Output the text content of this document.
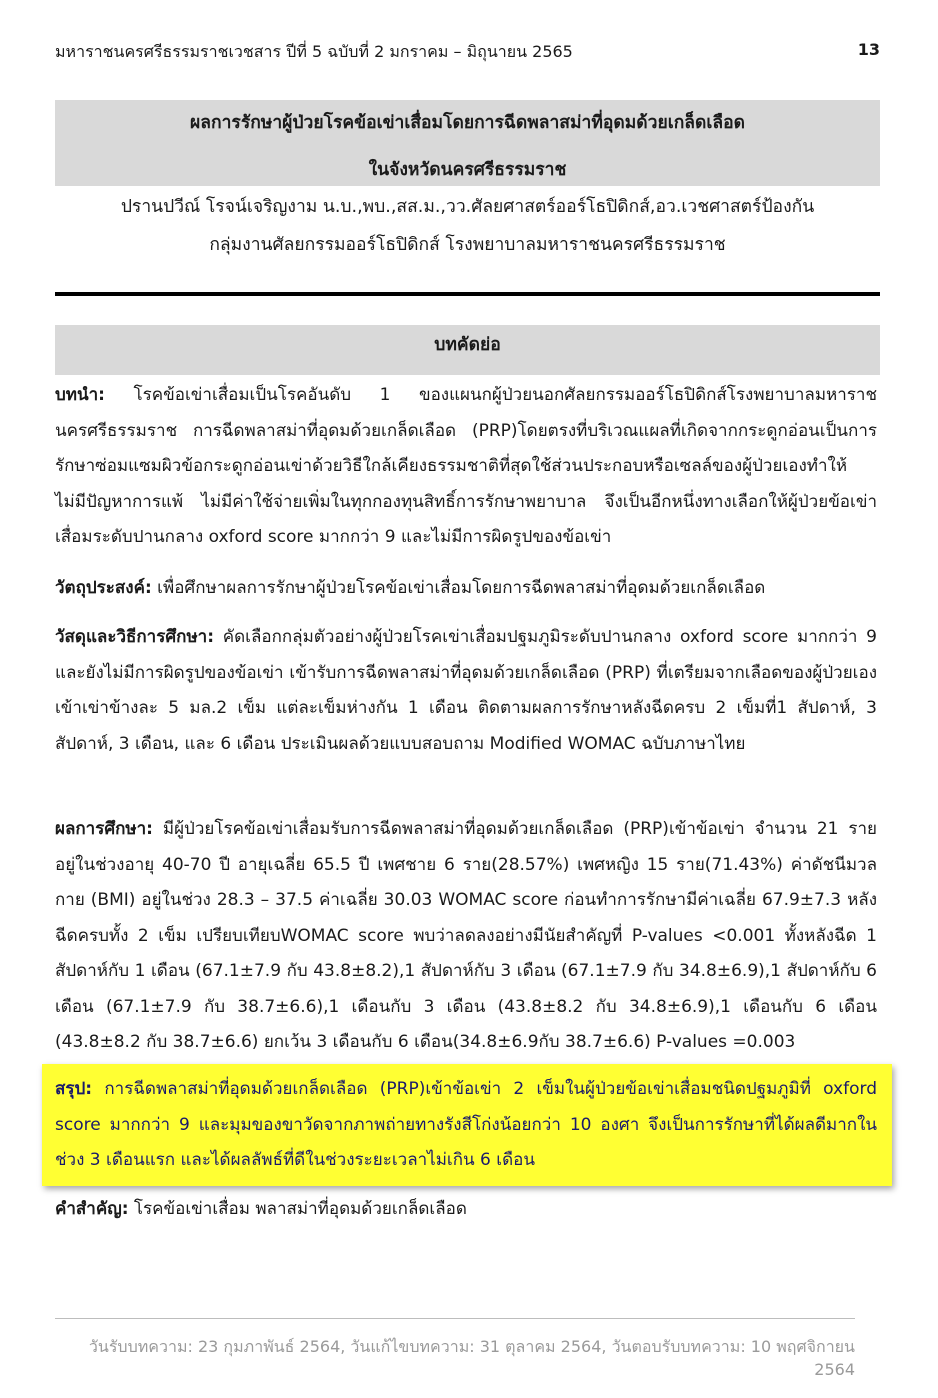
มหาราชนครศรีธรรมราชเวชสาร ปีที่ 5 ฉบับที่ 2 มกราคม – มิถุนายน 2565	13
ผลการรักษาผู้ป่วยโรคข้อเข่าเสื่อมโดยการฉีดพลาสม่าที่อุดมด้วยเกล็ดเลือด
ในจังหวัดนครศรีธรรมราช
ปรานปวีณ์ โรจน์เจริญงาม น.บ.,พบ.,สส.ม.,วว.ศัลยศาสตร์ออร์โธปิดิกส์,อว.เวชศาสตร์ป้องกัน
กลุ่มงานศัลยกรรมออร์โธปิดิกส์ โรงพยาบาลมหาราชนครศรีธรรมราช
บทคัดย่อ
บทนำ: โรคข้อเข่าเสื่อมเป็นโรคอันดับ 1 ของแผนกผู้ป่วยนอกศัลยกรรมออร์โธปิดิกส์โรงพยาบาลมหาราชนครศรีธรรมราช การฉีดพลาสม่าที่อุดมด้วยเกล็ดเลือด (PRP)โดยตรงที่บริเวณแผลที่เกิดจากกระดูกอ่อนเป็นการรักษาซ่อมแซมผิวข้อกระดูกอ่อนเข่าด้วยวิธีใกล้เคียงธรรมชาติที่สุดใช้ส่วนประกอบหรือเซลล์ของผู้ป่วยเองทำให้ไม่มีปัญหาการแพ้ ไม่มีค่าใช้จ่ายเพิ่มในทุกกองทุนสิทธิ์การรักษาพยาบาล จึงเป็นอีกหนึ่งทางเลือกให้ผู้ป่วยข้อเข่าเสื่อมระดับปานกลาง oxford score มากกว่า 9 และไม่มีการผิดรูปของข้อเข่า
วัตถุประสงค์: เพื่อศึกษาผลการรักษาผู้ป่วยโรคข้อเข่าเสื่อมโดยการฉีดพลาสม่าที่อุดมด้วยเกล็ดเลือด
วัสดุและวิธีการศึกษา: คัดเลือกกลุ่มตัวอย่างผู้ป่วยโรคเข่าเสื่อมปฐมภูมิระดับปานกลาง oxford score มากกว่า 9 และยังไม่มีการผิดรูปของข้อเข่า เข้ารับการฉีดพลาสม่าที่อุดมด้วยเกล็ดเลือด (PRP) ที่เตรียมจากเลือดของผู้ป่วยเองเข้าเข่าข้างละ 5 มล.2 เข็ม แต่ละเข็มห่างกัน 1 เดือน ติดตามผลการรักษาหลังฉีดครบ 2 เข็มที่1 สัปดาห์, 3 สัปดาห์, 3 เดือน, และ 6 เดือน ประเมินผลด้วยแบบสอบถาม Modified WOMAC ฉบับภาษาไทย
ผลการศึกษา: มีผู้ป่วยโรคข้อเข่าเสื่อมรับการฉีดพลาสม่าที่อุดมด้วยเกล็ดเลือด (PRP)เข้าข้อเข่า จำนวน 21 ราย อยู่ในช่วงอายุ 40-70 ปี อายุเฉลี่ย 65.5 ปี เพศชาย 6 ราย(28.57%) เพศหญิง 15 ราย(71.43%) ค่าดัชนีมวลกาย (BMI) อยู่ในช่วง 28.3 – 37.5 ค่าเฉลี่ย 30.03 WOMAC score ก่อนทำการรักษามีค่าเฉลี่ย 67.9±7.3 หลังฉีดครบทั้ง 2 เข็ม เปรียบเทียบWOMAC score พบว่าลดลงอย่างมีนัยสำคัญที่ P-values <0.001 ทั้งหลังฉีด 1 สัปดาห์กับ 1 เดือน (67.1±7.9 กับ 43.8±8.2),1 สัปดาห์กับ 3 เดือน (67.1±7.9 กับ 34.8±6.9),1 สัปดาห์กับ 6 เดือน (67.1±7.9 กับ 38.7±6.6),1 เดือนกับ 3 เดือน (43.8±8.2 กับ 34.8±6.9),1 เดือนกับ 6 เดือน (43.8±8.2 กับ 38.7±6.6) ยกเว้น 3 เดือนกับ 6 เดือน(34.8±6.9กับ 38.7±6.6) P-values =0.003
สรุป: การฉีดพลาสม่าที่อุดมด้วยเกล็ดเลือด (PRP)เข้าข้อเข่า 2 เข็มในผู้ป่วยข้อเข่าเสื่อมชนิดปฐมภูมิที่ oxford score มากกว่า 9 และมุมของขาวัดจากภาพถ่ายทางรังสีโก่งน้อยกว่า 10 องศา จึงเป็นการรักษาที่ได้ผลดีมากในช่วง 3 เดือนแรก และได้ผลลัพธ์ที่ดีในช่วงระยะเวลาไม่เกิน 6 เดือน
คำสำคัญ: โรคข้อเข่าเสื่อม พลาสม่าที่อุดมด้วยเกล็ดเลือด
วันรับบทความ: 23 กุมภาพันธ์ 2564, วันแก้ไขบทความ: 31 ตุลาคม 2564, วันตอบรับบทความ: 10 พฤศจิกายน 2564
